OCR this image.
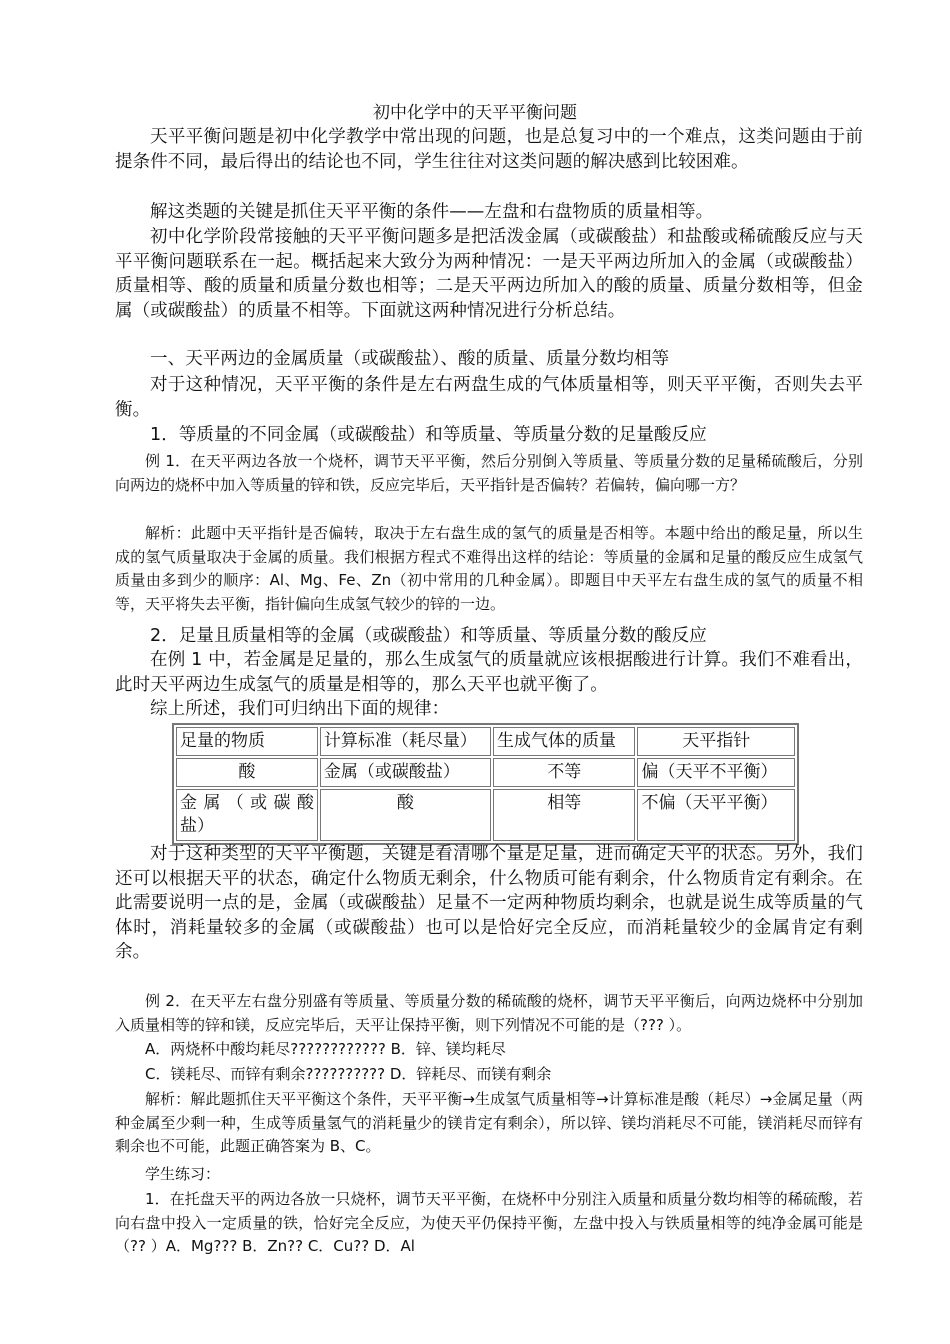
初中化学中的天平平衡问题

天平平衡问题是初中化学教学中常出现的问题，也是总复习中的一个难点，这类问题由于前提条件不同，最后得出的结论也不同，学生往往对这类问题的解决感到比较困难。

解这类题的关键是抓住天平平衡的条件——左盘和右盘物质的质量相等。

初中化学阶段常接触的天平平衡问题多是把活泼金属（或碳酸盐）和盐酸或稀硫酸反应与天平平衡问题联系在一起。概括起来大致分为两种情况：一是天平两边所加入的金属（或碳酸盐）质量相等、酸的质量和质量分数也相等；二是天平两边所加入的酸的质量、质量分数相等，但金属（或碳酸盐）的质量不相等。下面就这两种情况进行分析总结。

一、天平两边的金属质量（或碳酸盐）、酸的质量、质量分数均相等

对于这种情况，天平平衡的条件是左右两盘生成的气体质量相等，则天平平衡，否则失去平衡。

1．等质量的不同金属（或碳酸盐）和等质量、等质量分数的足量酸反应

例 1．在天平两边各放一个烧杯，调节天平平衡，然后分别倒入等质量、等质量分数的足量稀硫酸后，分别向两边的烧杯中加入等质量的锌和铁，反应完毕后，天平指针是否偏转？若偏转，偏向哪一方？

解析：此题中天平指针是否偏转，取决于左右盘生成的氢气的质量是否相等。本题中给出的酸足量，所以生成的氢气质量取决于金属的质量。我们根据方程式不难得出这样的结论：等质量的金属和足量的酸反应生成氢气质量由多到少的顺序：Al、Mg、Fe、Zn（初中常用的几种金属）。即题目中天平左右盘生成的氢气的质量不相等，天平将失去平衡，指针偏向生成氢气较少的锌的一边。

2．足量且质量相等的金属（或碳酸盐）和等质量、等质量分数的酸反应

在例 1 中，若金属是足量的，那么生成氢气的质量就应该根据酸进行计算。我们不难看出，此时天平两边生成氢气的质量是相等的，那么天平也就平衡了。

综上所述，我们可归纳出下面的规律：

足量的物质	计算标准（耗尽量）	生成气体的质量	天平指针
酸	金属（或碳酸盐）	不等	偏（天平不平衡）

金属（或碳酸
盐）	酸	相等	不偏（天平平衡）

对于这种类型的天平平衡题，关键是看清哪个量是足量，进而确定天平的状态。另外，我们还可以根据天平的状态，确定什么物质无剩余，什么物质可能有剩余，什么物质肯定有剩余。在此需要说明一点的是，金属（或碳酸盐）足量不一定两种物质均剩余，也就是说生成等质量的气体时，消耗量较多的金属（或碳酸盐）也可以是恰好完全反应，而消耗量较少的金属肯定有剩余。

例 2．在天平左右盘分别盛有等质量、等质量分数的稀硫酸的烧杯，调节天平平衡后，向两边烧杯中分别加入质量相等的锌和镁，反应完毕后，天平让保持平衡，则下列情况不可能的是（??? ）。

A．两烧杯中酸均耗尽???????????? B．锌、镁均耗尽

C．镁耗尽、而锌有剩余?????????? D．锌耗尽、而镁有剩余

解析：解此题抓住天平平衡这个条件，天平平衡→生成氢气质量相等→计算标准是酸（耗尽）→金属足量（两种金属至少剩一种，生成等质量氢气的消耗量少的镁肯定有剩余），所以锌、镁均消耗尽不可能，镁消耗尽而锌有剩余也不可能，此题正确答案为 B、C。

学生练习：

1．在托盘天平的两边各放一只烧杯，调节天平平衡，在烧杯中分别注入质量和质量分数均相等的稀硫酸，若向右盘中投入一定质量的铁，恰好完全反应，为使天平仍保持平衡，左盘中投入与铁质量相等的纯净金属可能是（?? ）A．Mg??? B．Zn?? C．Cu?? D．Al
